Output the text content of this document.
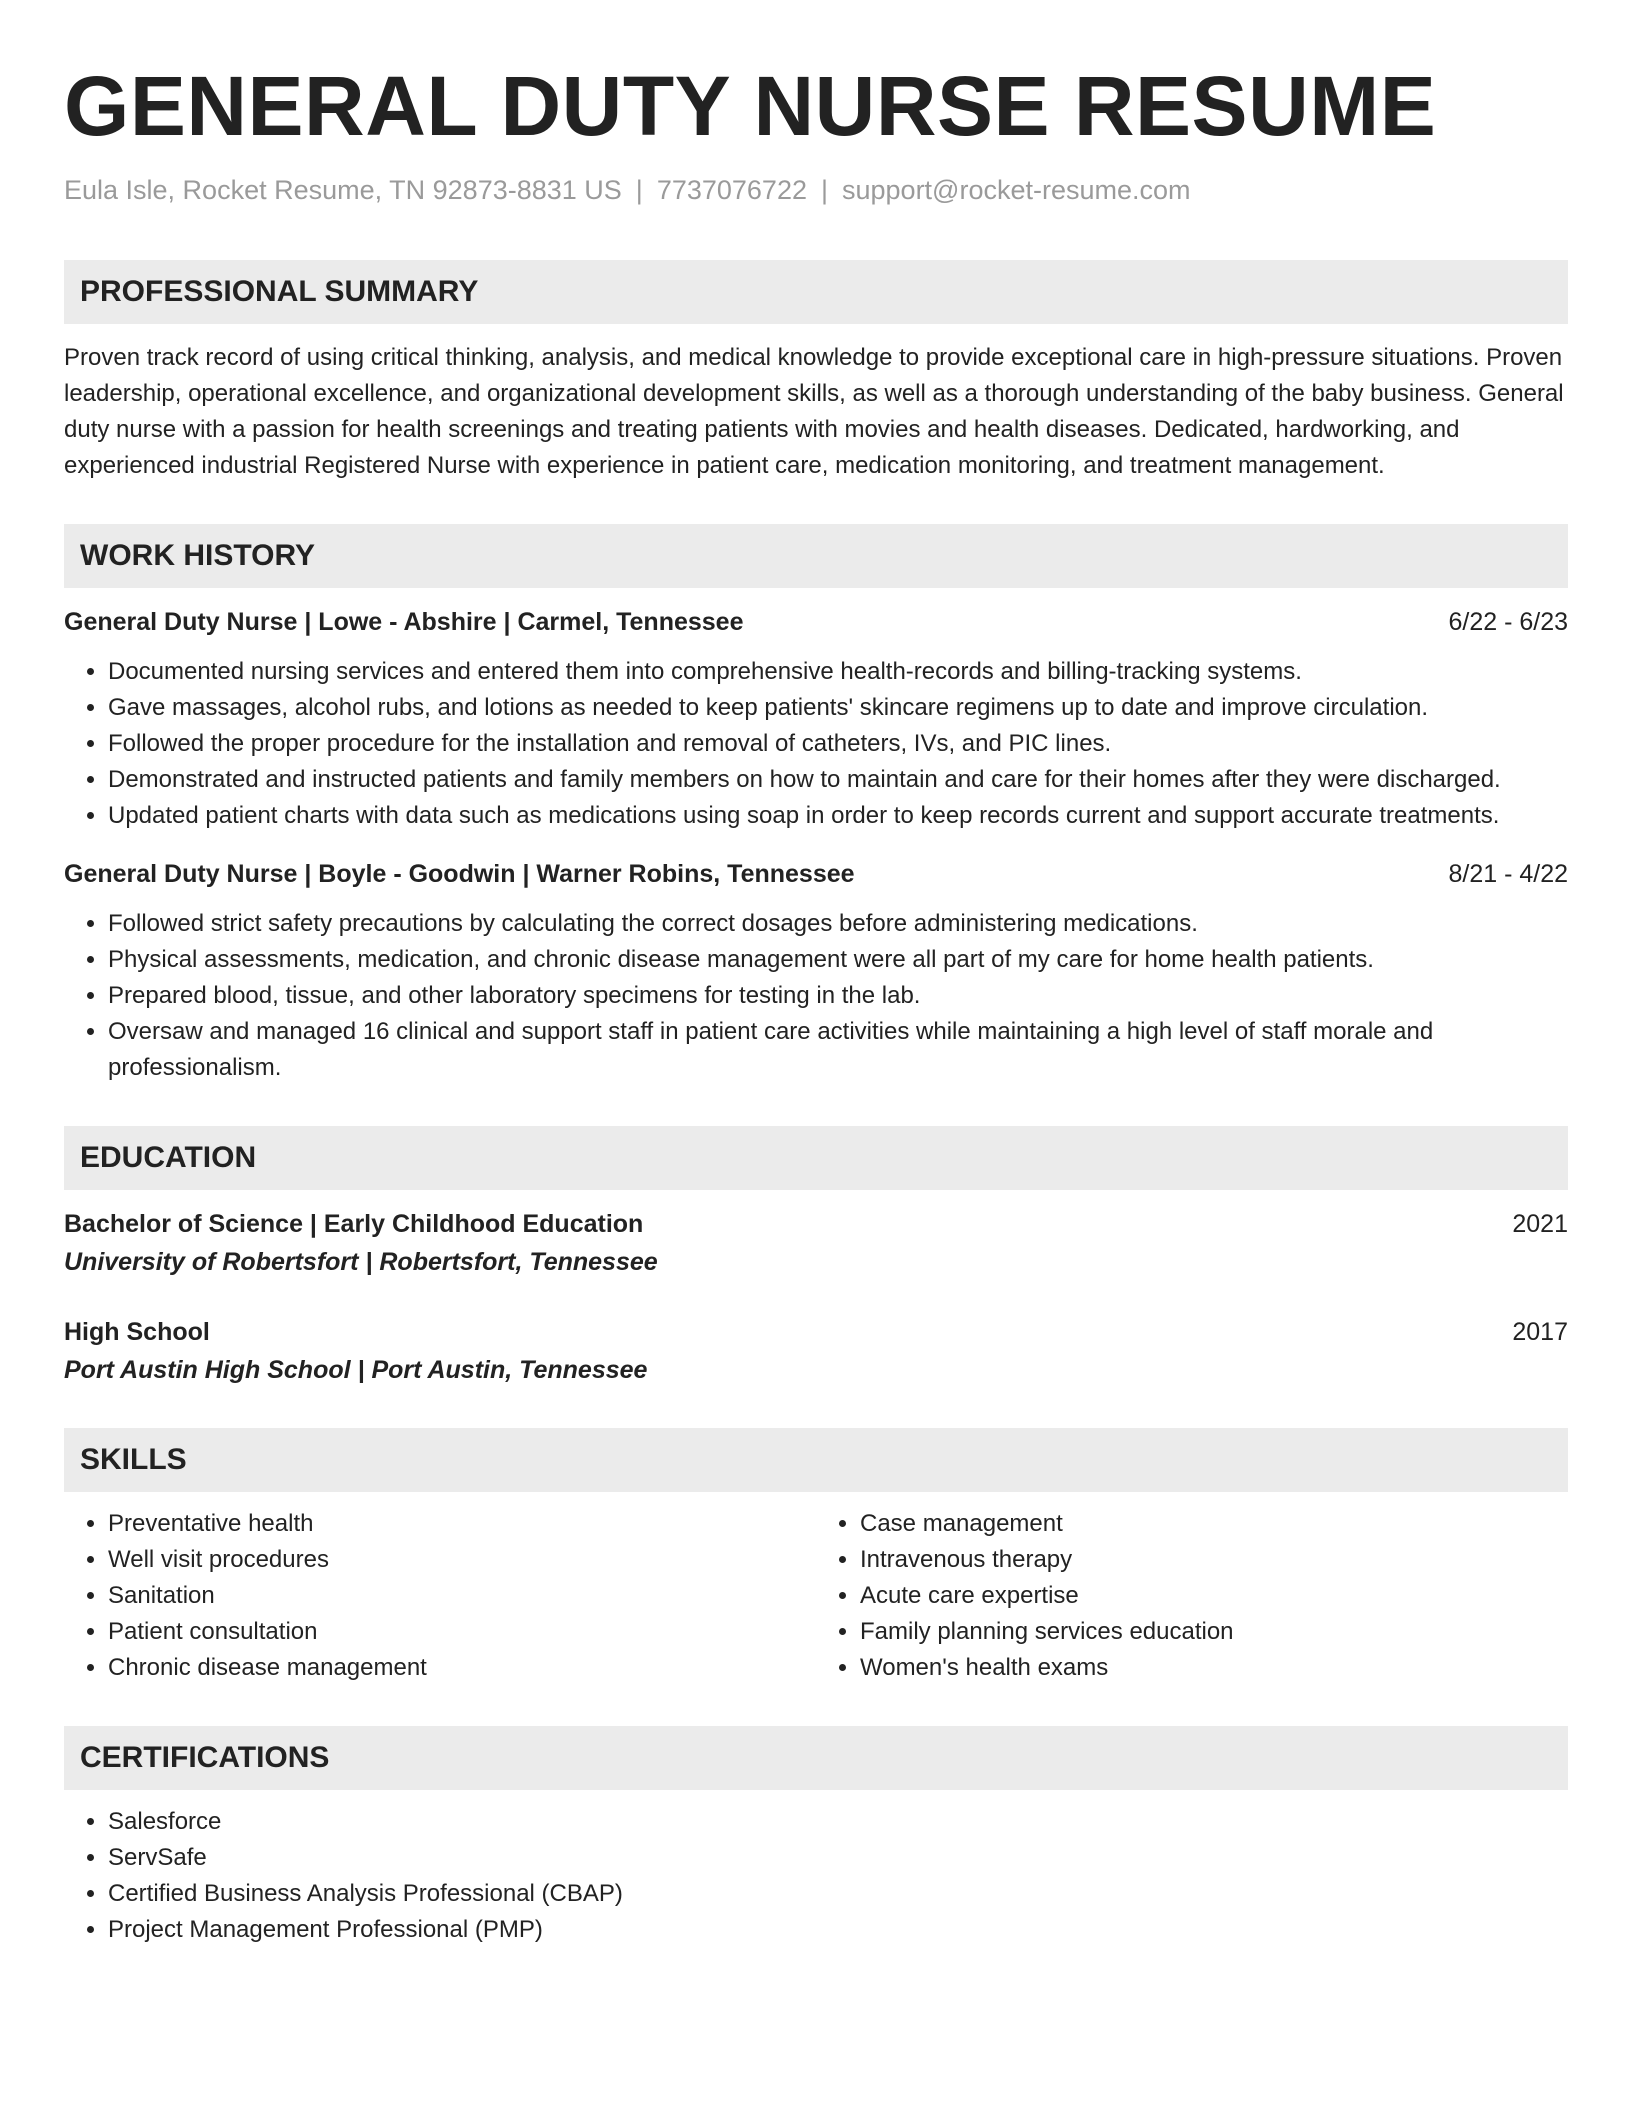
GENERAL DUTY NURSE RESUME
Eula Isle, Rocket Resume, TN 92873-8831 US | 7737076722 | support@rocket-resume.com
PROFESSIONAL SUMMARY
Proven track record of using critical thinking, analysis, and medical knowledge to provide exceptional care in high-pressure situations. Proven leadership, operational excellence, and organizational development skills, as well as a thorough understanding of the baby business. General duty nurse with a passion for health screenings and treating patients with movies and health diseases. Dedicated, hardworking, and experienced industrial Registered Nurse with experience in patient care, medication monitoring, and treatment management.
WORK HISTORY
General Duty Nurse | Lowe - Abshire | Carmel, Tennessee	6/22 - 6/23
• Documented nursing services and entered them into comprehensive health-records and billing-tracking systems.
• Gave massages, alcohol rubs, and lotions as needed to keep patients' skincare regimens up to date and improve circulation.
• Followed the proper procedure for the installation and removal of catheters, IVs, and PIC lines.
• Demonstrated and instructed patients and family members on how to maintain and care for their homes after they were discharged.
• Updated patient charts with data such as medications using soap in order to keep records current and support accurate treatments.
General Duty Nurse | Boyle - Goodwin | Warner Robins, Tennessee	8/21 - 4/22
• Followed strict safety precautions by calculating the correct dosages before administering medications.
• Physical assessments, medication, and chronic disease management were all part of my care for home health patients.
• Prepared blood, tissue, and other laboratory specimens for testing in the lab.
• Oversaw and managed 16 clinical and support staff in patient care activities while maintaining a high level of staff morale and professionalism.
EDUCATION
Bachelor of Science | Early Childhood Education	2021
University of Robertsfort | Robertsfort, Tennessee
High School	2017
Port Austin High School | Port Austin, Tennessee
SKILLS
• Preventative health
• Well visit procedures
• Sanitation
• Patient consultation
• Chronic disease management
• Case management
• Intravenous therapy
• Acute care expertise
• Family planning services education
• Women's health exams
CERTIFICATIONS
• Salesforce
• ServSafe
• Certified Business Analysis Professional (CBAP)
• Project Management Professional (PMP)
